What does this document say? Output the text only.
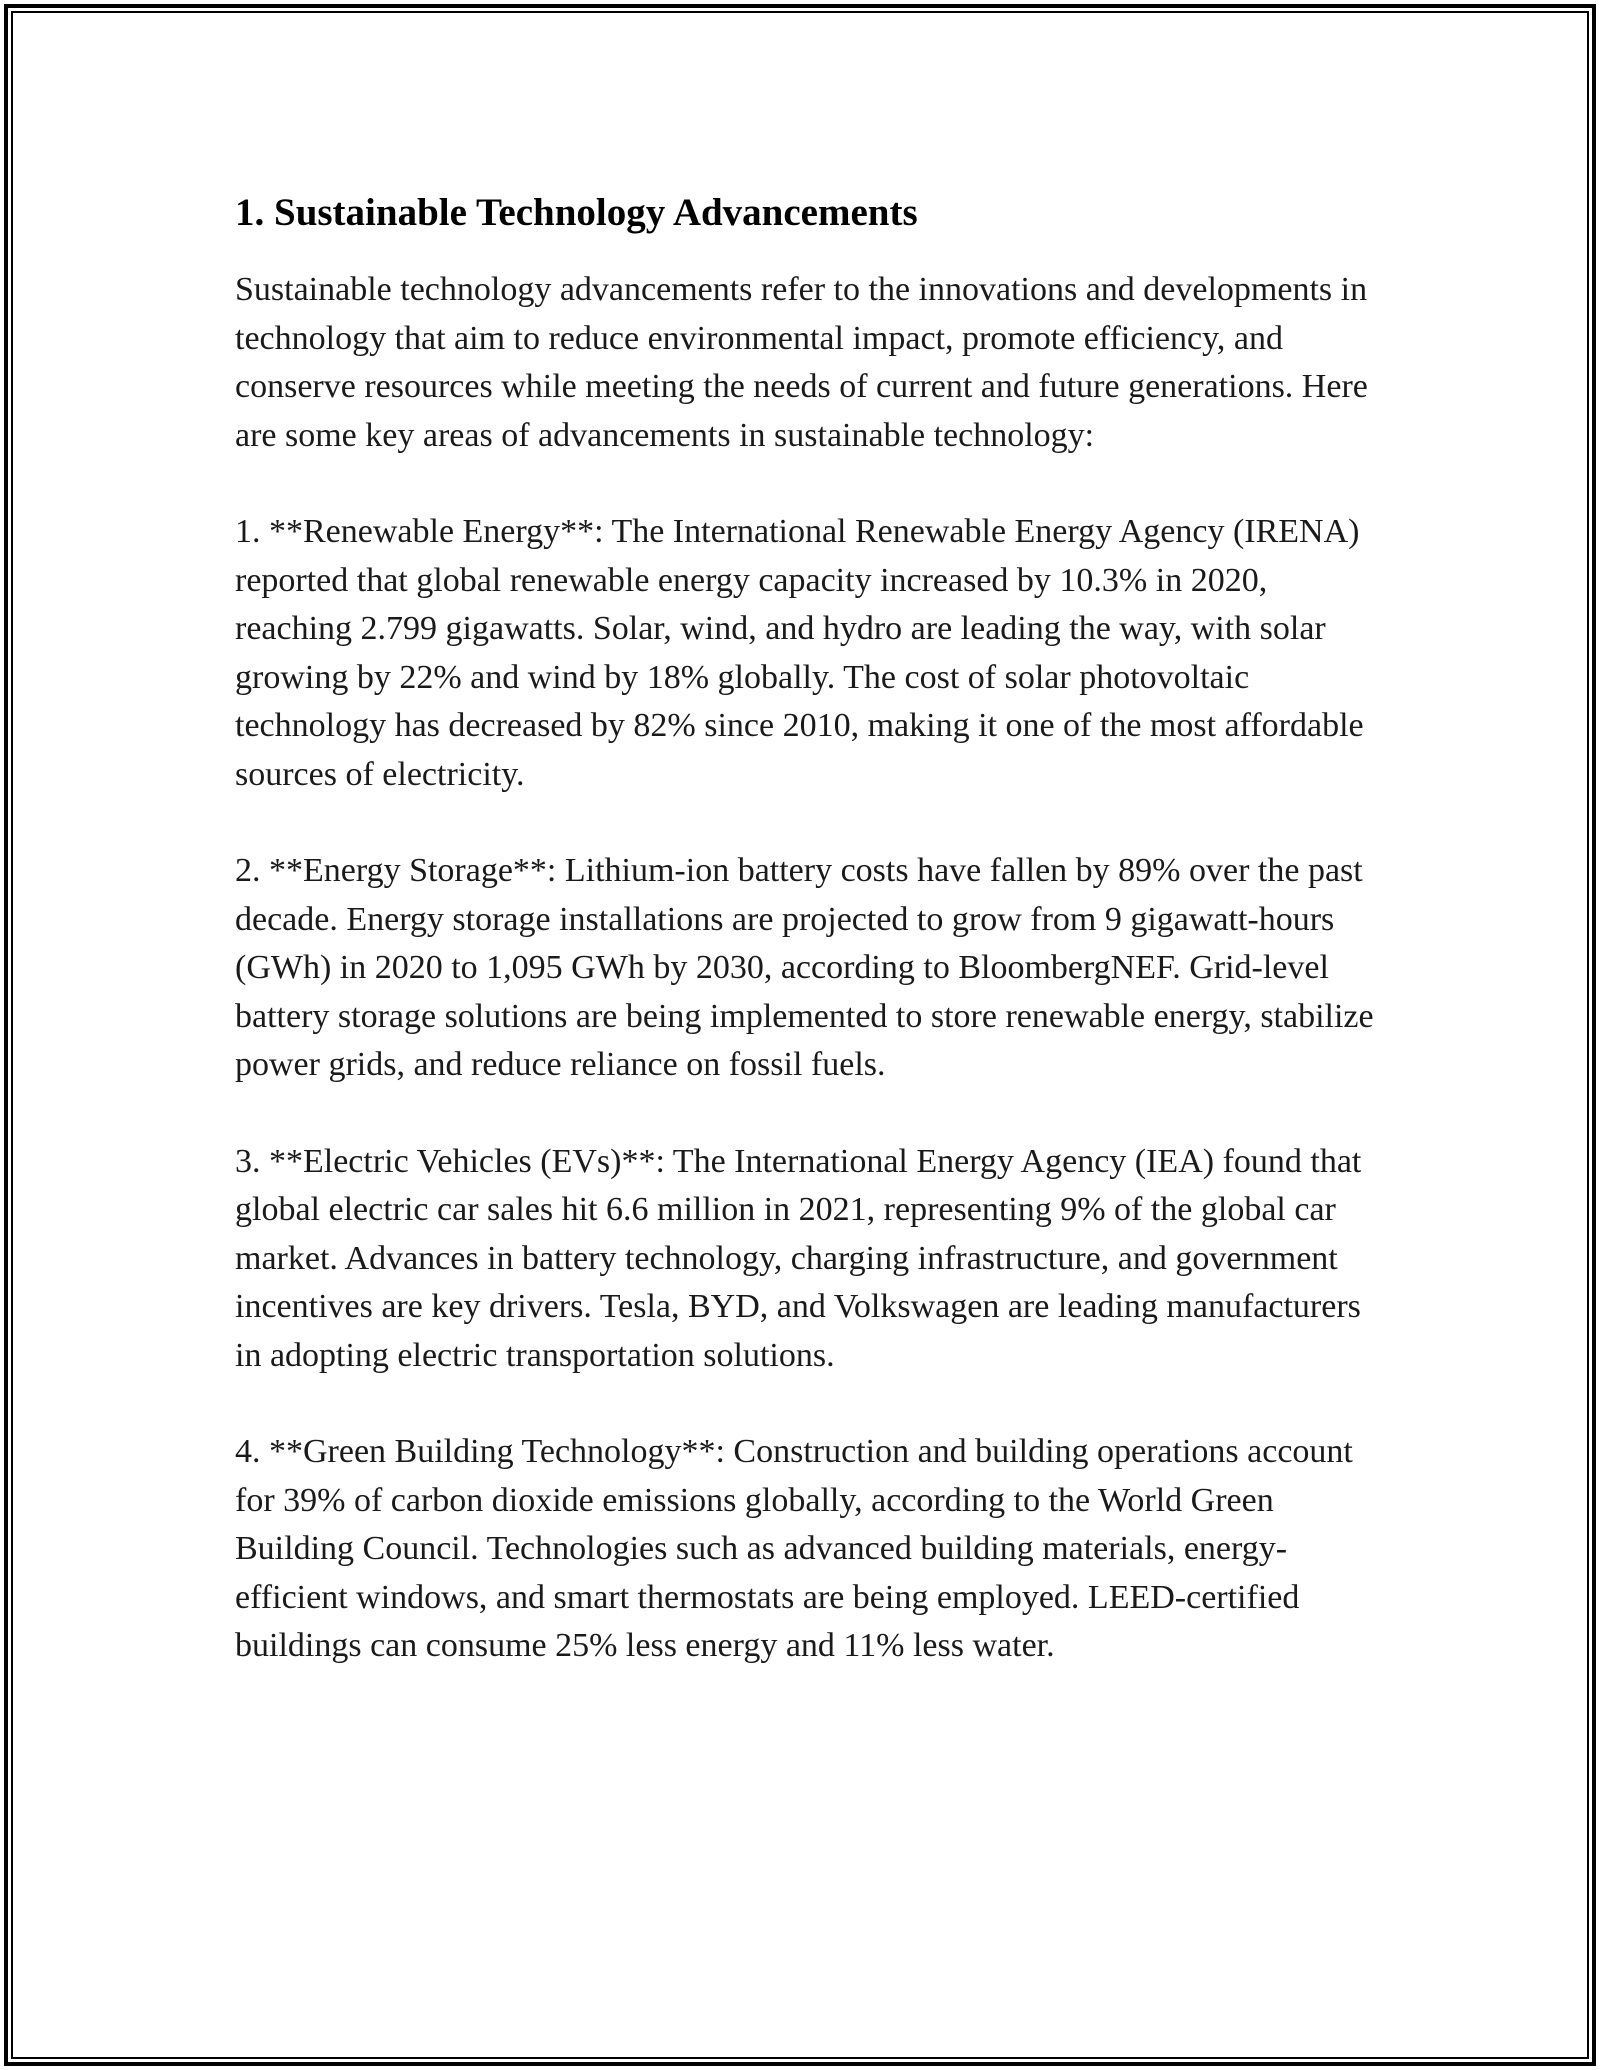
1. Sustainable Technology Advancements

Sustainable technology advancements refer to the innovations and developments in technology that aim to reduce environmental impact, promote efficiency, and conserve resources while meeting the needs of current and future generations. Here are some key areas of advancements in sustainable technology:

1. **Renewable Energy**: The International Renewable Energy Agency (IRENA) reported that global renewable energy capacity increased by 10.3% in 2020, reaching 2.799 gigawatts. Solar, wind, and hydro are leading the way, with solar growing by 22% and wind by 18% globally. The cost of solar photovoltaic technology has decreased by 82% since 2010, making it one of the most affordable sources of electricity.

2. **Energy Storage**: Lithium-ion battery costs have fallen by 89% over the past decade. Energy storage installations are projected to grow from 9 gigawatt-hours (GWh) in 2020 to 1,095 GWh by 2030, according to BloombergNEF. Grid-level battery storage solutions are being implemented to store renewable energy, stabilize power grids, and reduce reliance on fossil fuels.

3. **Electric Vehicles (EVs)**: The International Energy Agency (IEA) found that global electric car sales hit 6.6 million in 2021, representing 9% of the global car market. Advances in battery technology, charging infrastructure, and government incentives are key drivers. Tesla, BYD, and Volkswagen are leading manufacturers in adopting electric transportation solutions.

4. **Green Building Technology**: Construction and building operations account for 39% of carbon dioxide emissions globally, according to the World Green Building Council. Technologies such as advanced building materials, energy-efficient windows, and smart thermostats are being employed. LEED-certified buildings can consume 25% less energy and 11% less water.
